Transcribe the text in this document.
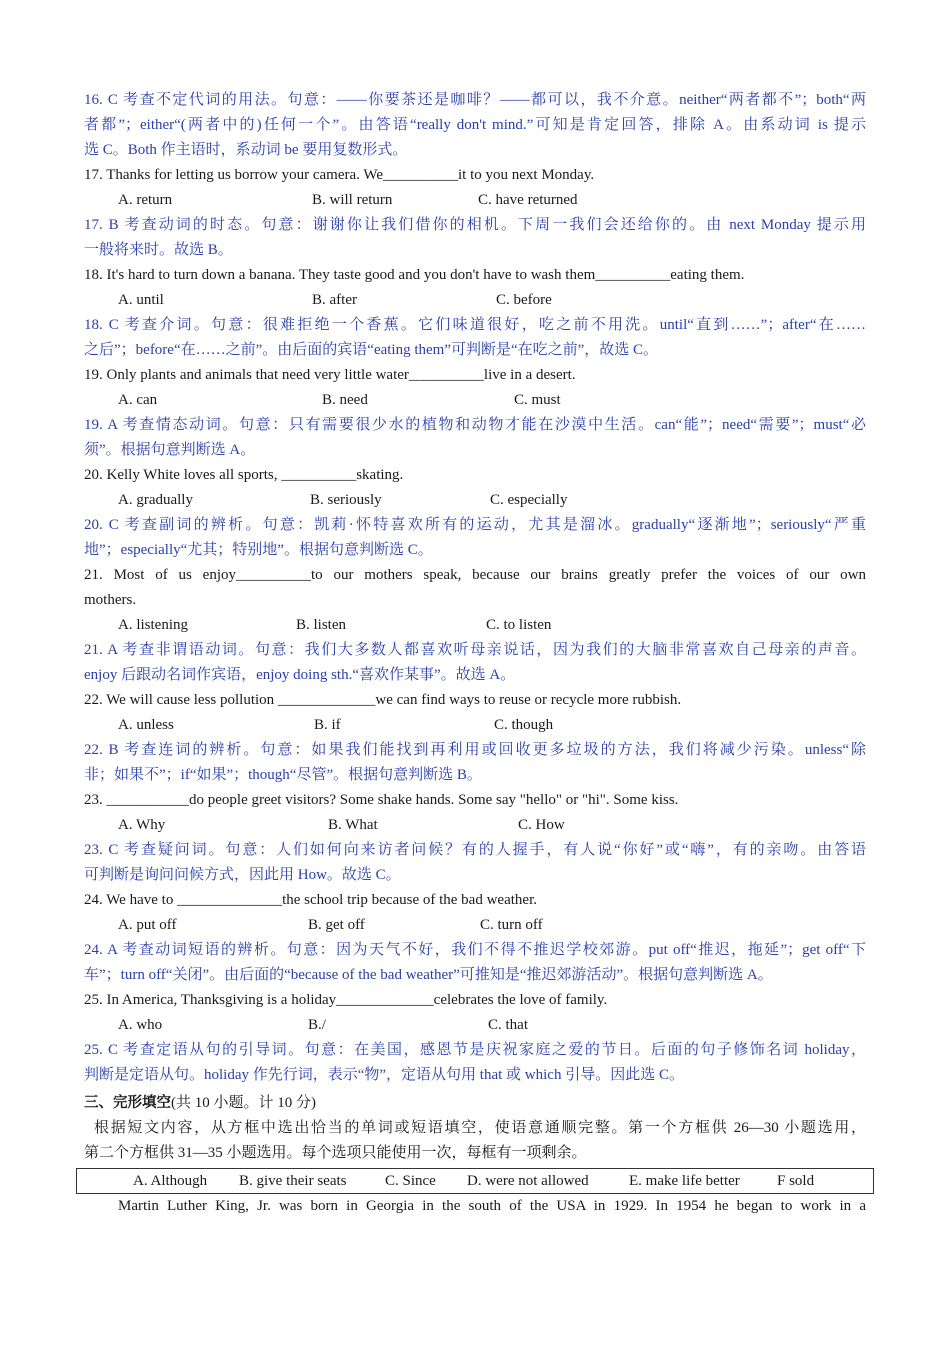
16. C 考查不定代词的用法。句意：——你要茶还是咖啡？——都可以，我不介意。neither“两者都不”；both“两
者都”；either“(两者中的)任何一个”。由答语“really don't mind.”可知是肯定回答，排除 A。由系动词 is 提示
选 C。Both 作主语时，系动词 be 要用复数形式。
17. Thanks for letting us borrow your camera. We__________it to you next Monday.
A. return	B. will return	C. have returned
17. B 考查动词的时态。句意：谢谢你让我们借你的相机。下周一我们会还给你的。由 next Monday 提示用
一般将来时。故选 B。
18. It's hard to turn down a banana. They taste good and you don't have to wash them__________eating them.
A. until	B. after	C. before
18. C 考查介词。句意：很难拒绝一个香蕉。它们味道很好，吃之前不用洗。until“直到……”；after“在……
之后”；before“在……之前”。由后面的宾语“eating them”可判断是“在吃之前”，故选 C。
19. Only plants and animals that need very little water__________live in a desert.
A. can	B. need	C. must
19. A 考查情态动词。句意：只有需要很少水的植物和动物才能在沙漠中生活。can“能”；need“需要”；must“必
须”。根据句意判断选 A。
20. Kelly White loves all sports, __________skating.
A. gradually	B. seriously	C. especially
20. C 考查副词的辨析。句意：凯莉·怀特喜欢所有的运动，尤其是溜冰。gradually“逐渐地”；seriously“严重
地”；especially“尤其；特别地”。根据句意判断选 C。
21. Most of us enjoy__________to our mothers speak, because our brains greatly prefer the voices of our own
mothers.
A. listening	B. listen	C. to listen
21. A 考查非谓语动词。句意：我们大多数人都喜欢听母亲说话，因为我们的大脑非常喜欢自己母亲的声音。
enjoy 后跟动名词作宾语，enjoy doing sth.“喜欢作某事”。故选 A。
22. We will cause less pollution _____________we can find ways to reuse or recycle more rubbish.
A. unless	B. if	C. though
22. B 考查连词的辨析。句意：如果我们能找到再利用或回收更多垃圾的方法，我们将减少污染。unless“除
非；如果不”；if“如果”；though“尽管”。根据句意判断选 B。
23. ___________do people greet visitors? Some shake hands. Some say "hello" or "hi". Some kiss.
A. Why	B. What	C. How
23. C 考查疑问词。句意：人们如何向来访者问候？有的人握手，有人说“你好”或“嗨”，有的亲吻。由答语
可判断是询问问候方式，因此用 How。故选 C。
24. We have to ______________the school trip because of the bad weather.
A. put off	B. get off	C. turn off
24. A 考查动词短语的辨析。句意：因为天气不好，我们不得不推迟学校郊游。put off“推迟，拖延”；get off“下
车”；turn off“关闭”。由后面的“because of the bad weather”可推知是“推迟郊游活动”。根据句意判断选 A。
25. In America, Thanksgiving is a holiday_____________celebrates the love of family.
A. who	B./	C. that
25. C 考查定语从句的引导词。句意：在美国，感恩节是庆祝家庭之爱的节日。后面的句子修饰名词 holiday，
判断是定语从句。holiday 作先行词，表示“物”，定语从句用 that 或 which 引导。因此选 C。
三、完形填空(共 10 小题。计 10 分)
根据短文内容，从方框中选出恰当的单词或短语填空，使语意通顺完整。第一个方框供 26—30 小题选用，
第二个方框供 31—35 小题选用。每个选项只能使用一次，每框有一项剩余。
A. Although B. give their seats	C. Since D. were not allowed	E. make life better F sold
Martin Luther King, Jr. was born in Georgia in the south of the USA in 1929. In 1954 he began to work in a
